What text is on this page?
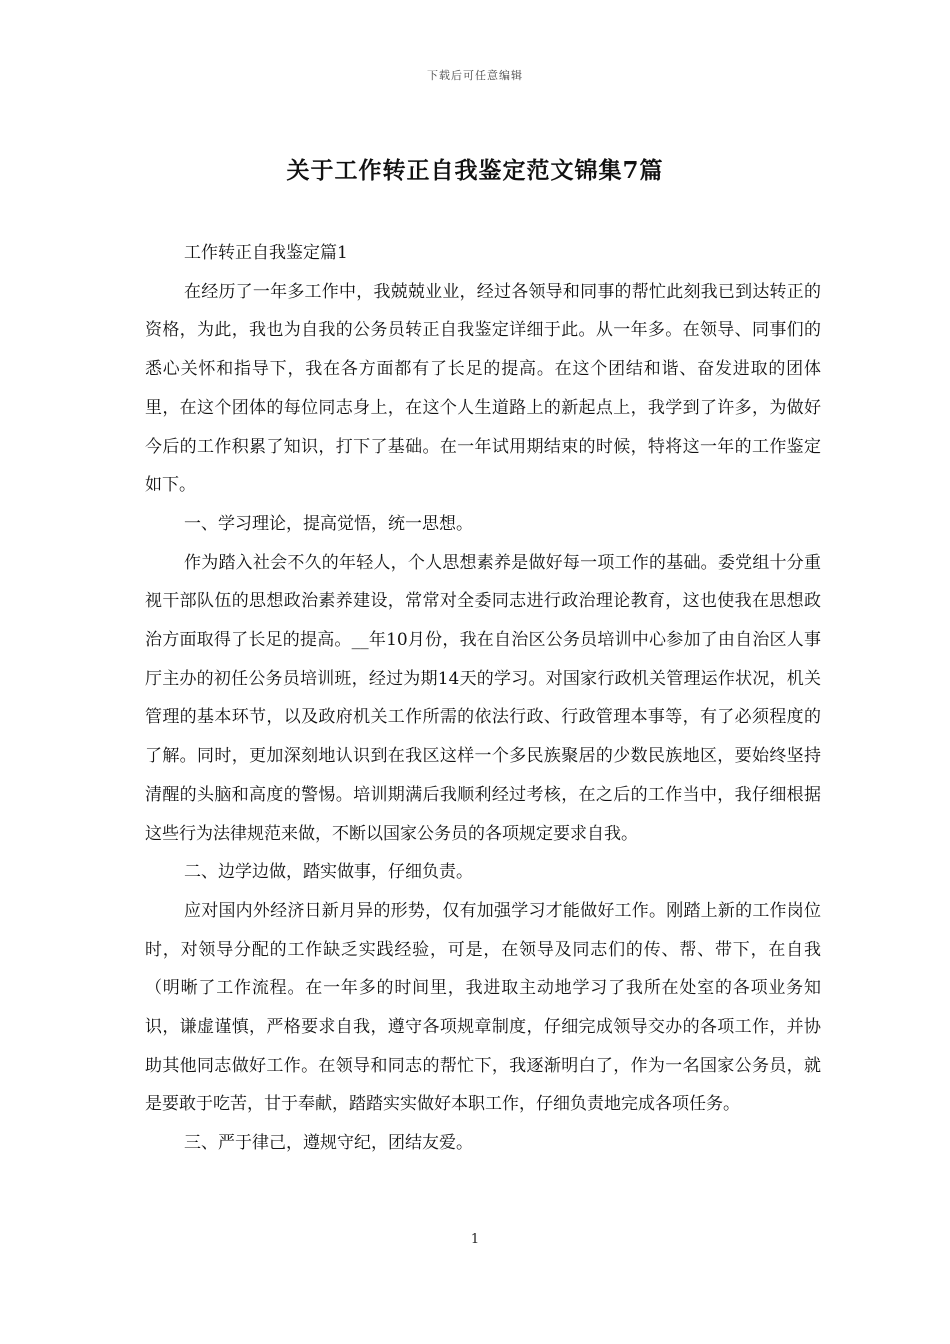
下载后可任意编辑
关于工作转正自我鉴定范文锦集7篇

工作转正自我鉴定篇1

在经历了一年多工作中，我兢兢业业，经过各领导和同事的帮忙此刻我已到达转正的资格，为此，我也为自我的公务员转正自我鉴定详细于此。从一年多。在领导、同事们的悉心关怀和指导下，我在各方面都有了长足的提高。在这个团结和谐、奋发进取的团体里，在这个团体的每位同志身上，在这个人生道路上的新起点上，我学到了许多，为做好今后的工作积累了知识，打下了基础。在一年试用期结束的时候，特将这一年的工作鉴定如下。

一、学习理论，提高觉悟，统一思想。

作为踏入社会不久的年轻人，个人思想素养是做好每一项工作的基础。委党组十分重视干部队伍的思想政治素养建设，常常对全委同志进行政治理论教育，这也使我在思想政治方面取得了长足的提高。__年10月份，我在自治区公务员培训中心参加了由自治区人事厅主办的初任公务员培训班，经过为期14天的学习。对国家行政机关管理运作状况，机关管理的基本环节，以及政府机关工作所需的依法行政、行政管理本事等，有了必须程度的了解。同时，更加深刻地认识到在我区这样一个多民族聚居的少数民族地区，要始终坚持清醒的头脑和高度的警惕。培训期满后我顺利经过考核，在之后的工作当中，我仔细根据这些行为法律规范来做，不断以国家公务员的各项规定要求自我。

二、边学边做，踏实做事，仔细负责。

应对国内外经济日新月异的形势，仅有加强学习才能做好工作。刚踏上新的工作岗位时，对领导分配的工作缺乏实践经验，可是，在领导及同志们的传、帮、带下，在自我（明晰了工作流程。在一年多的时间里，我进取主动地学习了我所在处室的各项业务知识，谦虚谨慎，严格要求自我，遵守各项规章制度，仔细完成领导交办的各项工作，并协助其他同志做好工作。在领导和同志的帮忙下，我逐渐明白了，作为一名国家公务员，就是要敢于吃苦，甘于奉献，踏踏实实做好本职工作，仔细负责地完成各项任务。

三、严于律己，遵规守纪，团结友爱。

1
